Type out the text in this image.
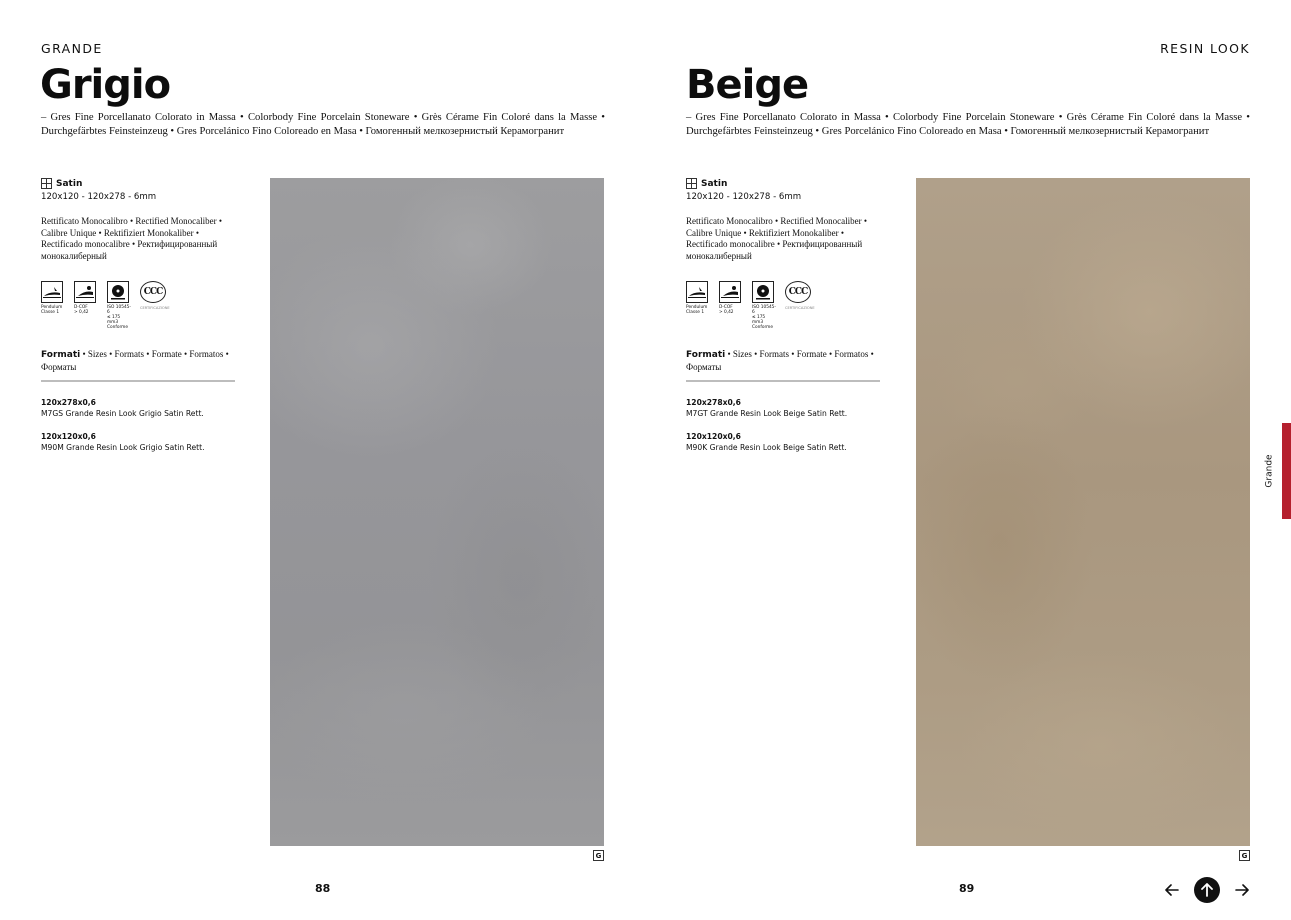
GRANDE
Grigio

– Gres Fine Porcellanato Colorato in Massa • Colorbody Fine Porcelain Stoneware • Grès Cérame Fin Coloré dans la Masse • Durchgefärbtes Feinsteinzeug • Gres Porcelánico Fino Coloreado en Masa • Гомогенный мелкозернистый Керамогранит

Satin
120x120 - 120x278 - 6mm

Rettificato Monocalibro • Rectified Monocaliber • Calibre Unique • Rektifiziert Monokaliber • Rectificado monocalibre • Ректифицированный монокалиберный

Pendulum
Classe 1
D-COF
> 0,42
ISO 10545-6
≤ 175 mm3
Conforme
CCC
CERTIFICAZIONE

Formati • Sizes • Formats • Formate • Formatos • Форматы

120x278x0,6
M7GS Grande Resin Look Grigio Satin Rett.
120x120x0,6
M90M Grande Resin Look Grigio Satin Rett.
G
88
RESIN LOOK
Beige

– Gres Fine Porcellanato Colorato in Massa • Colorbody Fine Porcelain Stoneware • Grès Cérame Fin Coloré dans la Masse • Durchgefärbtes Feinsteinzeug • Gres Porcelánico Fino Coloreado en Masa • Гомогенный мелкозернистый Керамогранит

Satin
120x120 - 120x278 - 6mm

Rettificato Monocalibro • Rectified Monocaliber • Calibre Unique • Rektifiziert Monokaliber • Rectificado monocalibre • Ректифицированный монокалиберный

Pendulum
Classe 1
D-COF
> 0,42
ISO 10545-6
≤ 175 mm3
Conforme
CCC
CERTIFICAZIONE

Formati • Sizes • Formats • Formate • Formatos • Форматы

120x278x0,6
M7GT Grande Resin Look Beige Satin Rett.
120x120x0,6
M90K Grande Resin Look Beige Satin Rett.
G
89
Grande
